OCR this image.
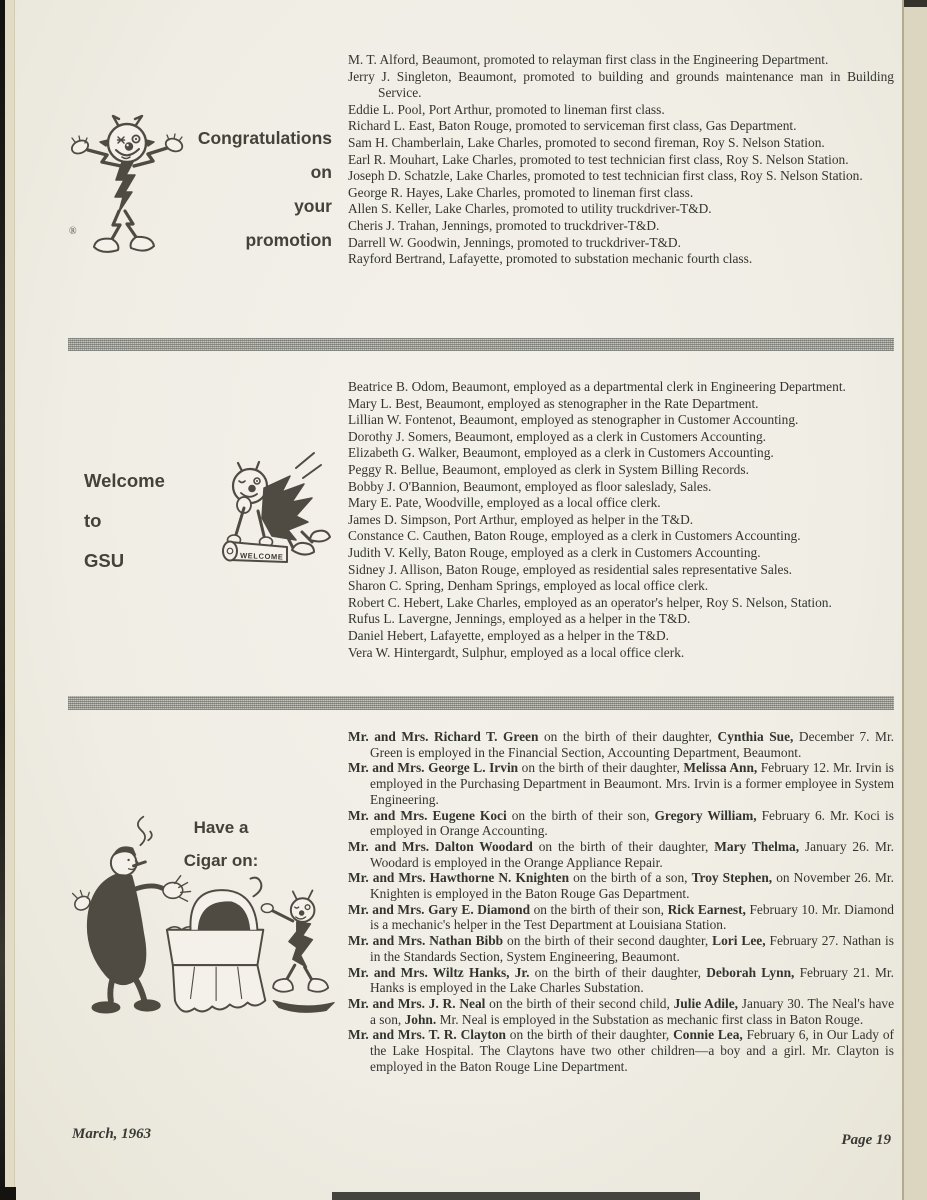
®
Congratulations
on
your
promotion

M. T. Alford, Beaumont, promoted to relayman first class in the Engineering Department.

Jerry J. Singleton, Beaumont, promoted to building and grounds maintenance man in Building Service.

Eddie L. Pool, Port Arthur, promoted to lineman first class.

Richard L. East, Baton Rouge, promoted to serviceman first class, Gas Department.

Sam H. Chamberlain, Lake Charles, promoted to second fireman, Roy S. Nelson Station.

Earl R. Mouhart, Lake Charles, promoted to test technician first class, Roy S. Nelson Station.

Joseph D. Schatzle, Lake Charles, promoted to test technician first class, Roy S. Nelson Station.

George R. Hayes, Lake Charles, promoted to lineman first class.

Allen S. Keller, Lake Charles, promoted to utility truckdriver-T&D.

Cheris J. Trahan, Jennings, promoted to truckdriver-T&D.

Darrell W. Goodwin, Jennings, promoted to truckdriver-T&D.

Rayford Bertrand, Lafayette, promoted to substation mechanic fourth class.

Welcome
to
GSU	WELCOME

Beatrice B. Odom, Beaumont, employed as a departmental clerk in Engineering Department.

Mary L. Best, Beaumont, employed as stenographer in the Rate Department.

Lillian W. Fontenot, Beaumont, employed as stenographer in Customer Accounting.

Dorothy J. Somers, Beaumont, employed as a clerk in Customers Accounting.

Elizabeth G. Walker, Beaumont, employed as a clerk in Customers Accounting.

Peggy R. Bellue, Beaumont, employed as clerk in System Billing Records.

Bobby J. O'Bannion, Beaumont, employed as floor saleslady, Sales.

Mary E. Pate, Woodville, employed as a local office clerk.

James D. Simpson, Port Arthur, employed as helper in the T&D.

Constance C. Cauthen, Baton Rouge, employed as a clerk in Customers Accounting.

Judith V. Kelly, Baton Rouge, employed as a clerk in Customers Accounting.

Sidney J. Allison, Baton Rouge, employed as residential sales representative Sales.

Sharon C. Spring, Denham Springs, employed as local office clerk.

Robert C. Hebert, Lake Charles, employed as an operator's helper, Roy S. Nelson, Station.

Rufus L. Lavergne, Jennings, employed as a helper in the T&D.

Daniel Hebert, Lafayette, employed as a helper in the T&D.

Vera W. Hintergardt, Sulphur, employed as a local office clerk.

Have a
Cigar on:

Mr. and Mrs. Richard T. Green on the birth of their daughter, Cynthia Sue, December 7. Mr. Green is employed in the Financial Section, Accounting Department, Beaumont.

Mr. and Mrs. George L. Irvin on the birth of their daughter, Melissa Ann, February 12. Mr. Irvin is employed in the Purchasing Department in Beaumont. Mrs. Irvin is a former employee in System Engineering.

Mr. and Mrs. Eugene Koci on the birth of their son, Gregory William, February 6. Mr. Koci is employed in Orange Accounting.

Mr. and Mrs. Dalton Woodard on the birth of their daughter, Mary Thelma, January 26. Mr. Woodard is employed in the Orange Appliance Repair.

Mr. and Mrs. Hawthorne N. Knighten on the birth of a son, Troy Stephen, on November 26. Mr. Knighten is employed in the Baton Rouge Gas Department.

Mr. and Mrs. Gary E. Diamond on the birth of their son, Rick Earnest, February 10. Mr. Diamond is a mechanic's helper in the Test Department at Louisiana Station.

Mr. and Mrs. Nathan Bibb on the birth of their second daughter, Lori Lee, February 27. Nathan is in the Standards Section, System Engineering, Beaumont.

Mr. and Mrs. Wiltz Hanks, Jr. on the birth of their daughter, Deborah Lynn, February 21. Mr. Hanks is employed in the Lake Charles Substation.

Mr. and Mrs. J. R. Neal on the birth of their second child, Julie Adile, January 30. The Neal's have a son, John. Mr. Neal is employed in the Substation as mechanic first class in Baton Rouge.

Mr. and Mrs. T. R. Clayton on the birth of their daughter, Connie Lea, February 6, in Our Lady of the Lake Hospital. The Claytons have two other children—a boy and a girl. Mr. Clayton is employed in the Baton Rouge Line Department.

March, 1963	Page 19
